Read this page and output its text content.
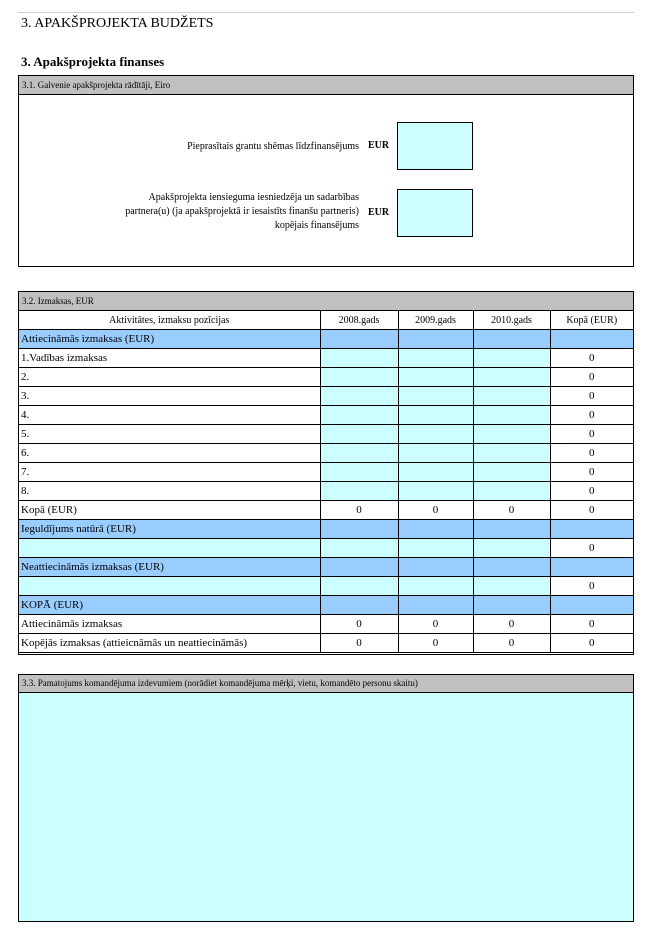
3. APAKŠPROJEKTA BUDŽETS
3. Apakšprojekta finanses
3.1. Galvenie apakšprojekta rādītāji, Eiro
Pieprasītais grantu shēmas līdzfinansējums EUR
Apakšprojekta iensieguma iesniedzēja un sadarbības
partnera(u) (ja apakšprojektā ir iesaistīts finanšu partneris)
kopējais finansējums
EUR
3.2. Izmaksas, EUR
Aktivitātes, izmaksu pozīcijas	2008.gads	2009.gads	2010.gads	Kopā (EUR)
Attiecināmās izmaksas (EUR)				
1.Vadības izmaksas				0
2.				0
3.				0
4.				0
5.				0
6.				0
7.				0
8.				0
Kopā (EUR)	0	0	0	0
Ieguldījums natūrā (EUR)				
				0
Neattiecināmās izmaksas (EUR)				
				0
KOPĀ (EUR)				
Attiecināmās izmaksas	0	0	0	0
Kopējās izmaksas (attieicnāmās un neattiecināmās)	0	0	0	0
3.3. Pamatojums komandējuma izdevumiem (norādiet komandējuma mērķi, vietu, komandēto personu skaitu)
